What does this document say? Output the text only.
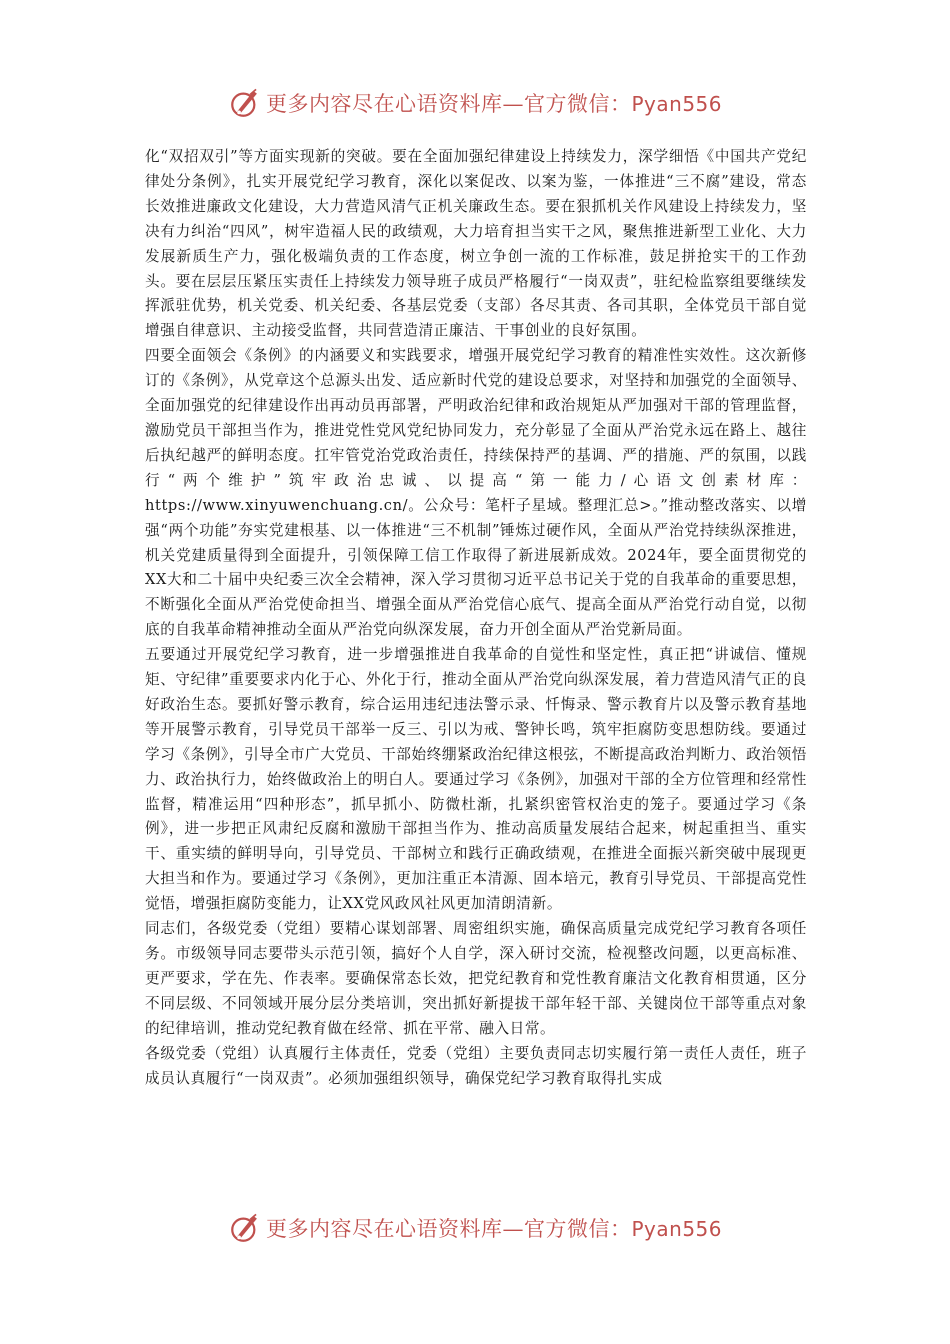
更多内容尽在心语资料库—官方微信：Pyan556

化“双招双引”等方面实现新的突破。要在全面加强纪律建设上持续发力，深学细悟《中国共产党纪律处分条例》，扎实开展党纪学习教育，深化以案促改、以案为鉴，一体推进“三不腐”建设，常态长效推进廉政文化建设，大力营造风清气正机关廉政生态。要在狠抓机关作风建设上持续发力，坚决有力纠治“四风”，树牢造福人民的政绩观，大力培育担当实干之风，聚焦推进新型工业化、大力发展新质生产力，强化极端负责的工作态度，树立争创一流的工作标准，鼓足拼抢实干的工作劲头。要在层层压紧压实责任上持续发力领导班子成员严格履行“一岗双责”，驻纪检监察组要继续发挥派驻优势，机关党委、机关纪委、各基层党委（支部）各尽其责、各司其职，全体党员干部自觉增强自律意识、主动接受监督，共同营造清正廉洁、干事创业的良好氛围。

四要全面领会《条例》的内涵要义和实践要求，增强开展党纪学习教育的精准性实效性。这次新修订的《条例》，从党章这个总源头出发、适应新时代党的建设总要求，对坚持和加强党的全面领导、全面加强党的纪律建设作出再动员再部署，严明政治纪律和政治规矩从严加强对干部的管理监督，激励党员干部担当作为，推进党性党风党纪协同发力，充分彰显了全面从严治党永远在路上、越往后执纪越严的鲜明态度。扛牢管党治党政治责任，持续保持严的基调、严的措施、严的氛围，以践行“两个维护”筑牢政治忠诚、以提高“第一能力/心语文创素材库：https://www.xinyuwenchuang.cn/。公众号：笔杆子星域。整理汇总>。”推动整改落实、以增强“两个功能”夯实党建根基、以一体推进“三不机制”锤炼过硬作风，全面从严治党持续纵深推进，机关党建质量得到全面提升，引领保障工信工作取得了新进展新成效。2024年，要全面贯彻党的XX大和二十届中央纪委三次全会精神，深入学习贯彻习近平总书记关于党的自我革命的重要思想，不断强化全面从严治党使命担当、增强全面从严治党信心底气、提高全面从严治党行动自觉，以彻底的自我革命精神推动全面从严治党向纵深发展，奋力开创全面从严治党新局面。

五要通过开展党纪学习教育，进一步增强推进自我革命的自觉性和坚定性，真正把“讲诚信、懂规矩、守纪律”重要要求内化于心、外化于行，推动全面从严治党向纵深发展，着力营造风清气正的良好政治生态。要抓好警示教育，综合运用违纪违法警示录、忏悔录、警示教育片以及警示教育基地等开展警示教育，引导党员干部举一反三、引以为戒、警钟长鸣，筑牢拒腐防变思想防线。要通过学习《条例》，引导全市广大党员、干部始终绷紧政治纪律这根弦，不断提高政治判断力、政治领悟力、政治执行力，始终做政治上的明白人。要通过学习《条例》，加强对干部的全方位管理和经常性监督，精准运用“四种形态”，抓早抓小、防微杜渐，扎紧织密管权治吏的笼子。要通过学习《条例》，进一步把正风肃纪反腐和激励干部担当作为、推动高质量发展结合起来，树起重担当、重实干、重实绩的鲜明导向，引导党员、干部树立和践行正确政绩观，在推进全面振兴新突破中展现更大担当和作为。要通过学习《条例》，更加注重正本清源、固本培元，教育引导党员、干部提高党性觉悟，增强拒腐防变能力，让XX党风政风社风更加清朗清新。

同志们，各级党委（党组）要精心谋划部署、周密组织实施，确保高质量完成党纪学习教育各项任务。市级领导同志要带头示范引领，搞好个人自学，深入研讨交流，检视整改问题，以更高标准、更严要求，学在先、作表率。要确保常态长效，把党纪教育和党性教育廉洁文化教育相贯通，区分不同层级、不同领域开展分层分类培训，突出抓好新提拔干部年轻干部、关键岗位干部等重点对象的纪律培训，推动党纪教育做在经常、抓在平常、融入日常。

各级党委（党组）认真履行主体责任，党委（党组）主要负责同志切实履行第一责任人责任，班子成员认真履行“一岗双责”。必须加强组织领导，确保党纪学习教育取得扎实成

更多内容尽在心语资料库—官方微信：Pyan556
